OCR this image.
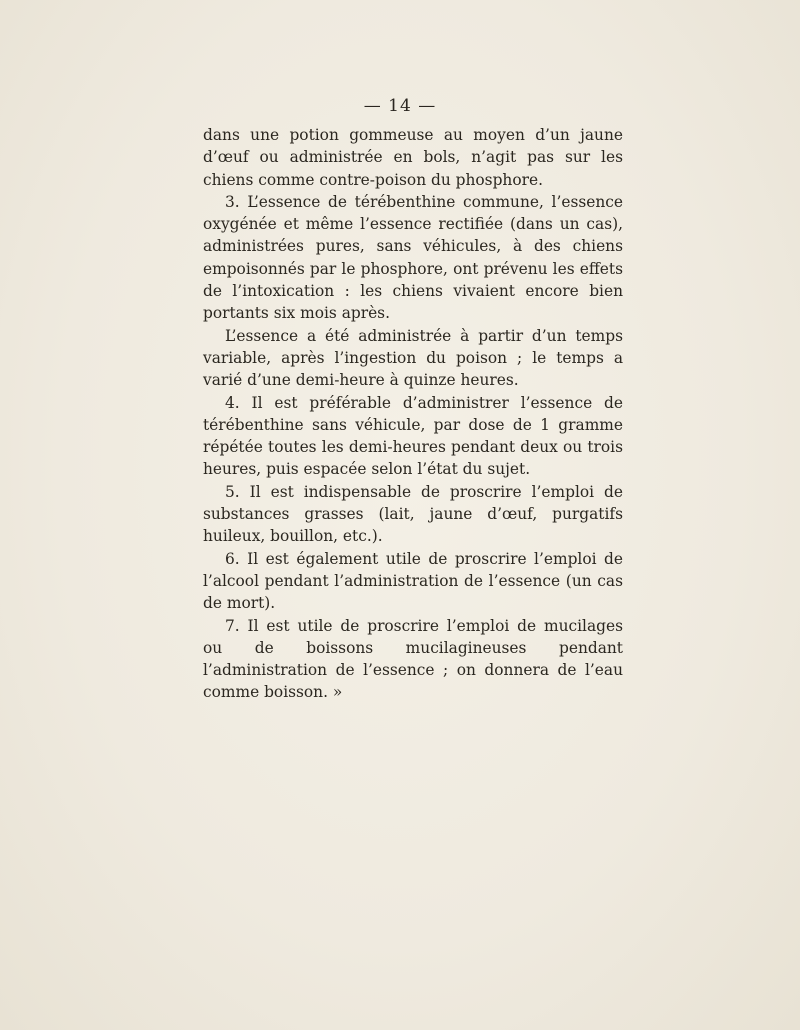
— 14 —

dans une potion gommeuse au moyen d’un jaune d’œuf ou administrée en bols, n’agit pas sur les chiens comme contre-poison du phosphore.

3. L’essence de térébenthine commune, l’essence oxygénée et même l’essence rectifiée (dans un cas), administrées pures, sans véhicules, à des chiens empoisonnés par le phosphore, ont prévenu les effets de l’intoxication : les chiens vivaient encore bien portants six mois après.

L’essence a été administrée à partir d’un temps variable, après l’ingestion du poison ; le temps a varié d’une demi-heure à quinze heures.

4. Il est préférable d’administrer l’essence de térébenthine sans véhicule, par dose de 1 gramme répétée toutes les demi-heures pendant deux ou trois heures, puis espacée selon l’état du sujet.

5. Il est indispensable de proscrire l’emploi de substances grasses (lait, jaune d’œuf, purgatifs huileux, bouillon, etc.).

6. Il est également utile de proscrire l’emploi de l’alcool pendant l’administration de l’essence (un cas de mort).

7. Il est utile de proscrire l’emploi de mucilages ou de boissons mucilagineuses pendant l’administration de l’essence ; on donnera de l’eau comme boisson. »
